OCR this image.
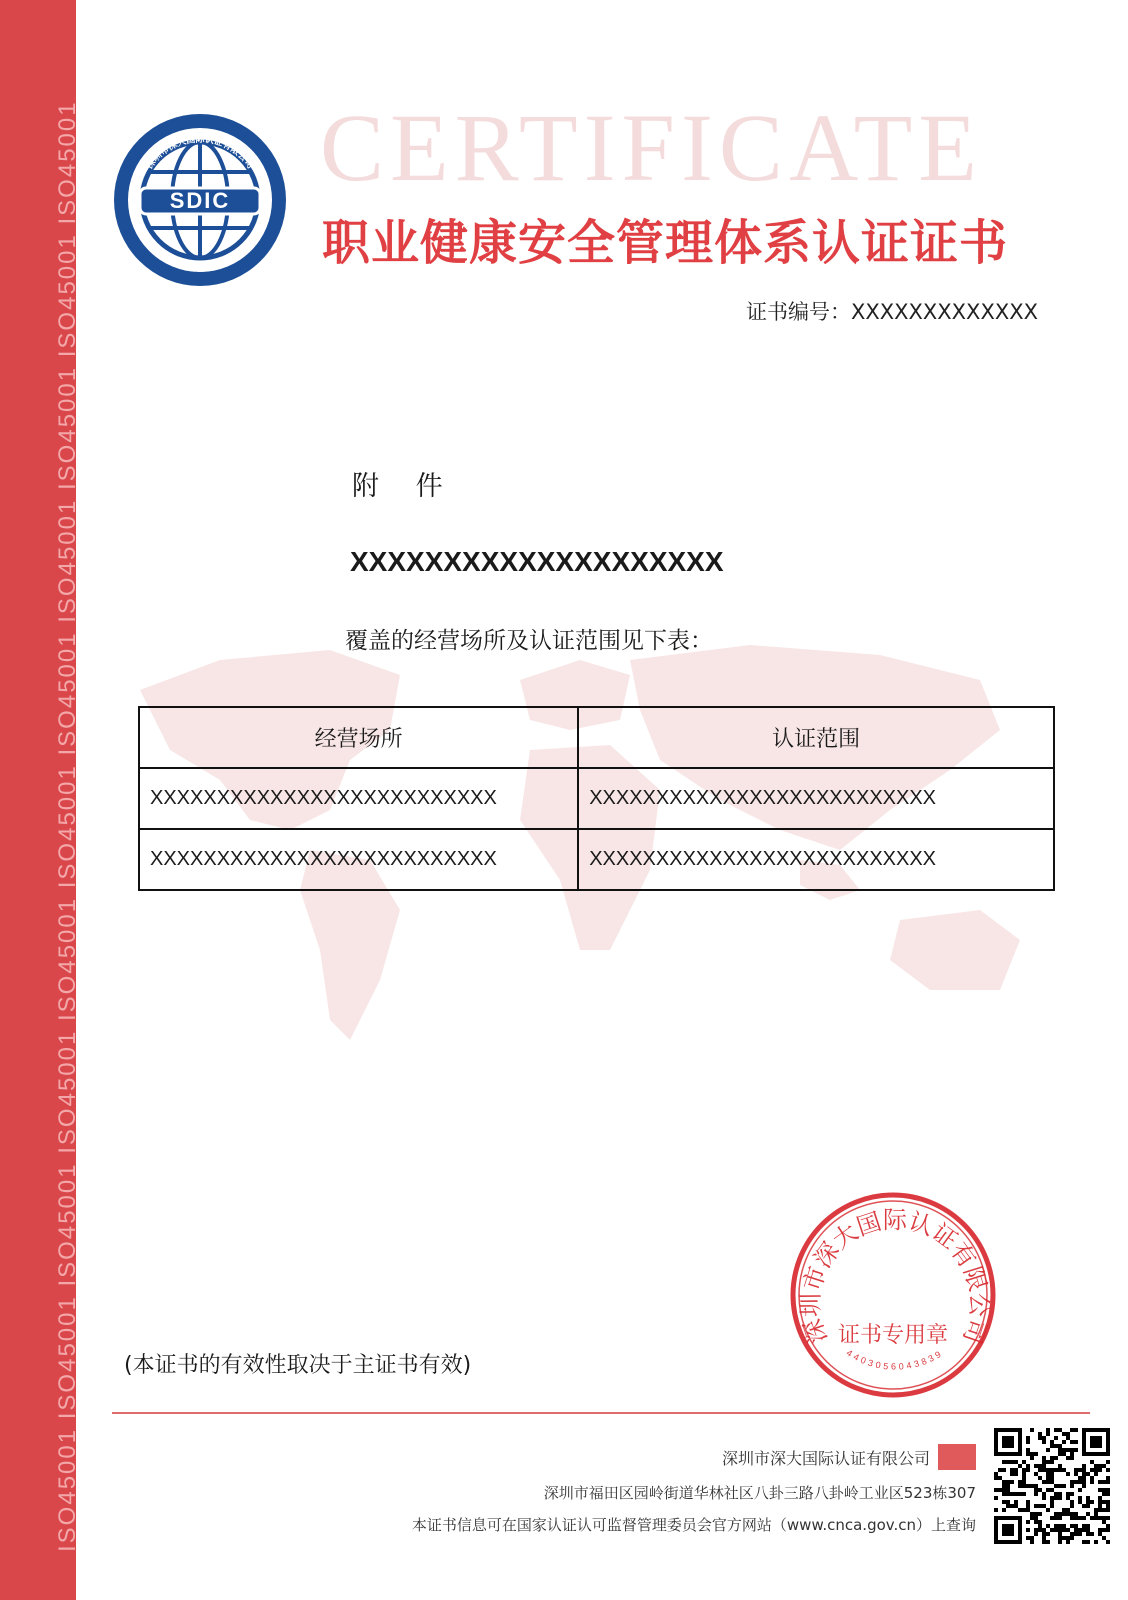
ISO45001 ISO45001 ISO45001 ISO45001 ISO45001 ISO45001 ISO45001 ISO45001 ISO45001 ISO45001 ISO45001 CERTIFICATE
SDIC
深圳市深大国际认证有限公司
SHENZHEN SHENDA INTERNATIONAL CERTIFICATION CO.,LTD 职业健康安全管理体系认证证书
证书编号：XXXXXXXXXXXXX
附 件
XXXXXXXXXXXXXXXXXXXX
覆盖的经营场所及认证范围见下表：
经营场所	认证范围
XXXXXXXXXXXXXXXXXXXXXXXXXX	XXXXXXXXXXXXXXXXXXXXXXXXXX
XXXXXXXXXXXXXXXXXXXXXXXXXX	XXXXXXXXXXXXXXXXXXXXXXXXXX
(本证书的有效性取决于主证书有效)
深圳市深大国际认证有限公司
证书专用章
4403056043839
深圳市深大国际认证有限公司
深圳市福田区园岭街道华林社区八卦三路八卦岭工业区523栋307
本证书信息可在国家认证认可监督管理委员会官方网站（www.cnca.gov.cn）上查询
